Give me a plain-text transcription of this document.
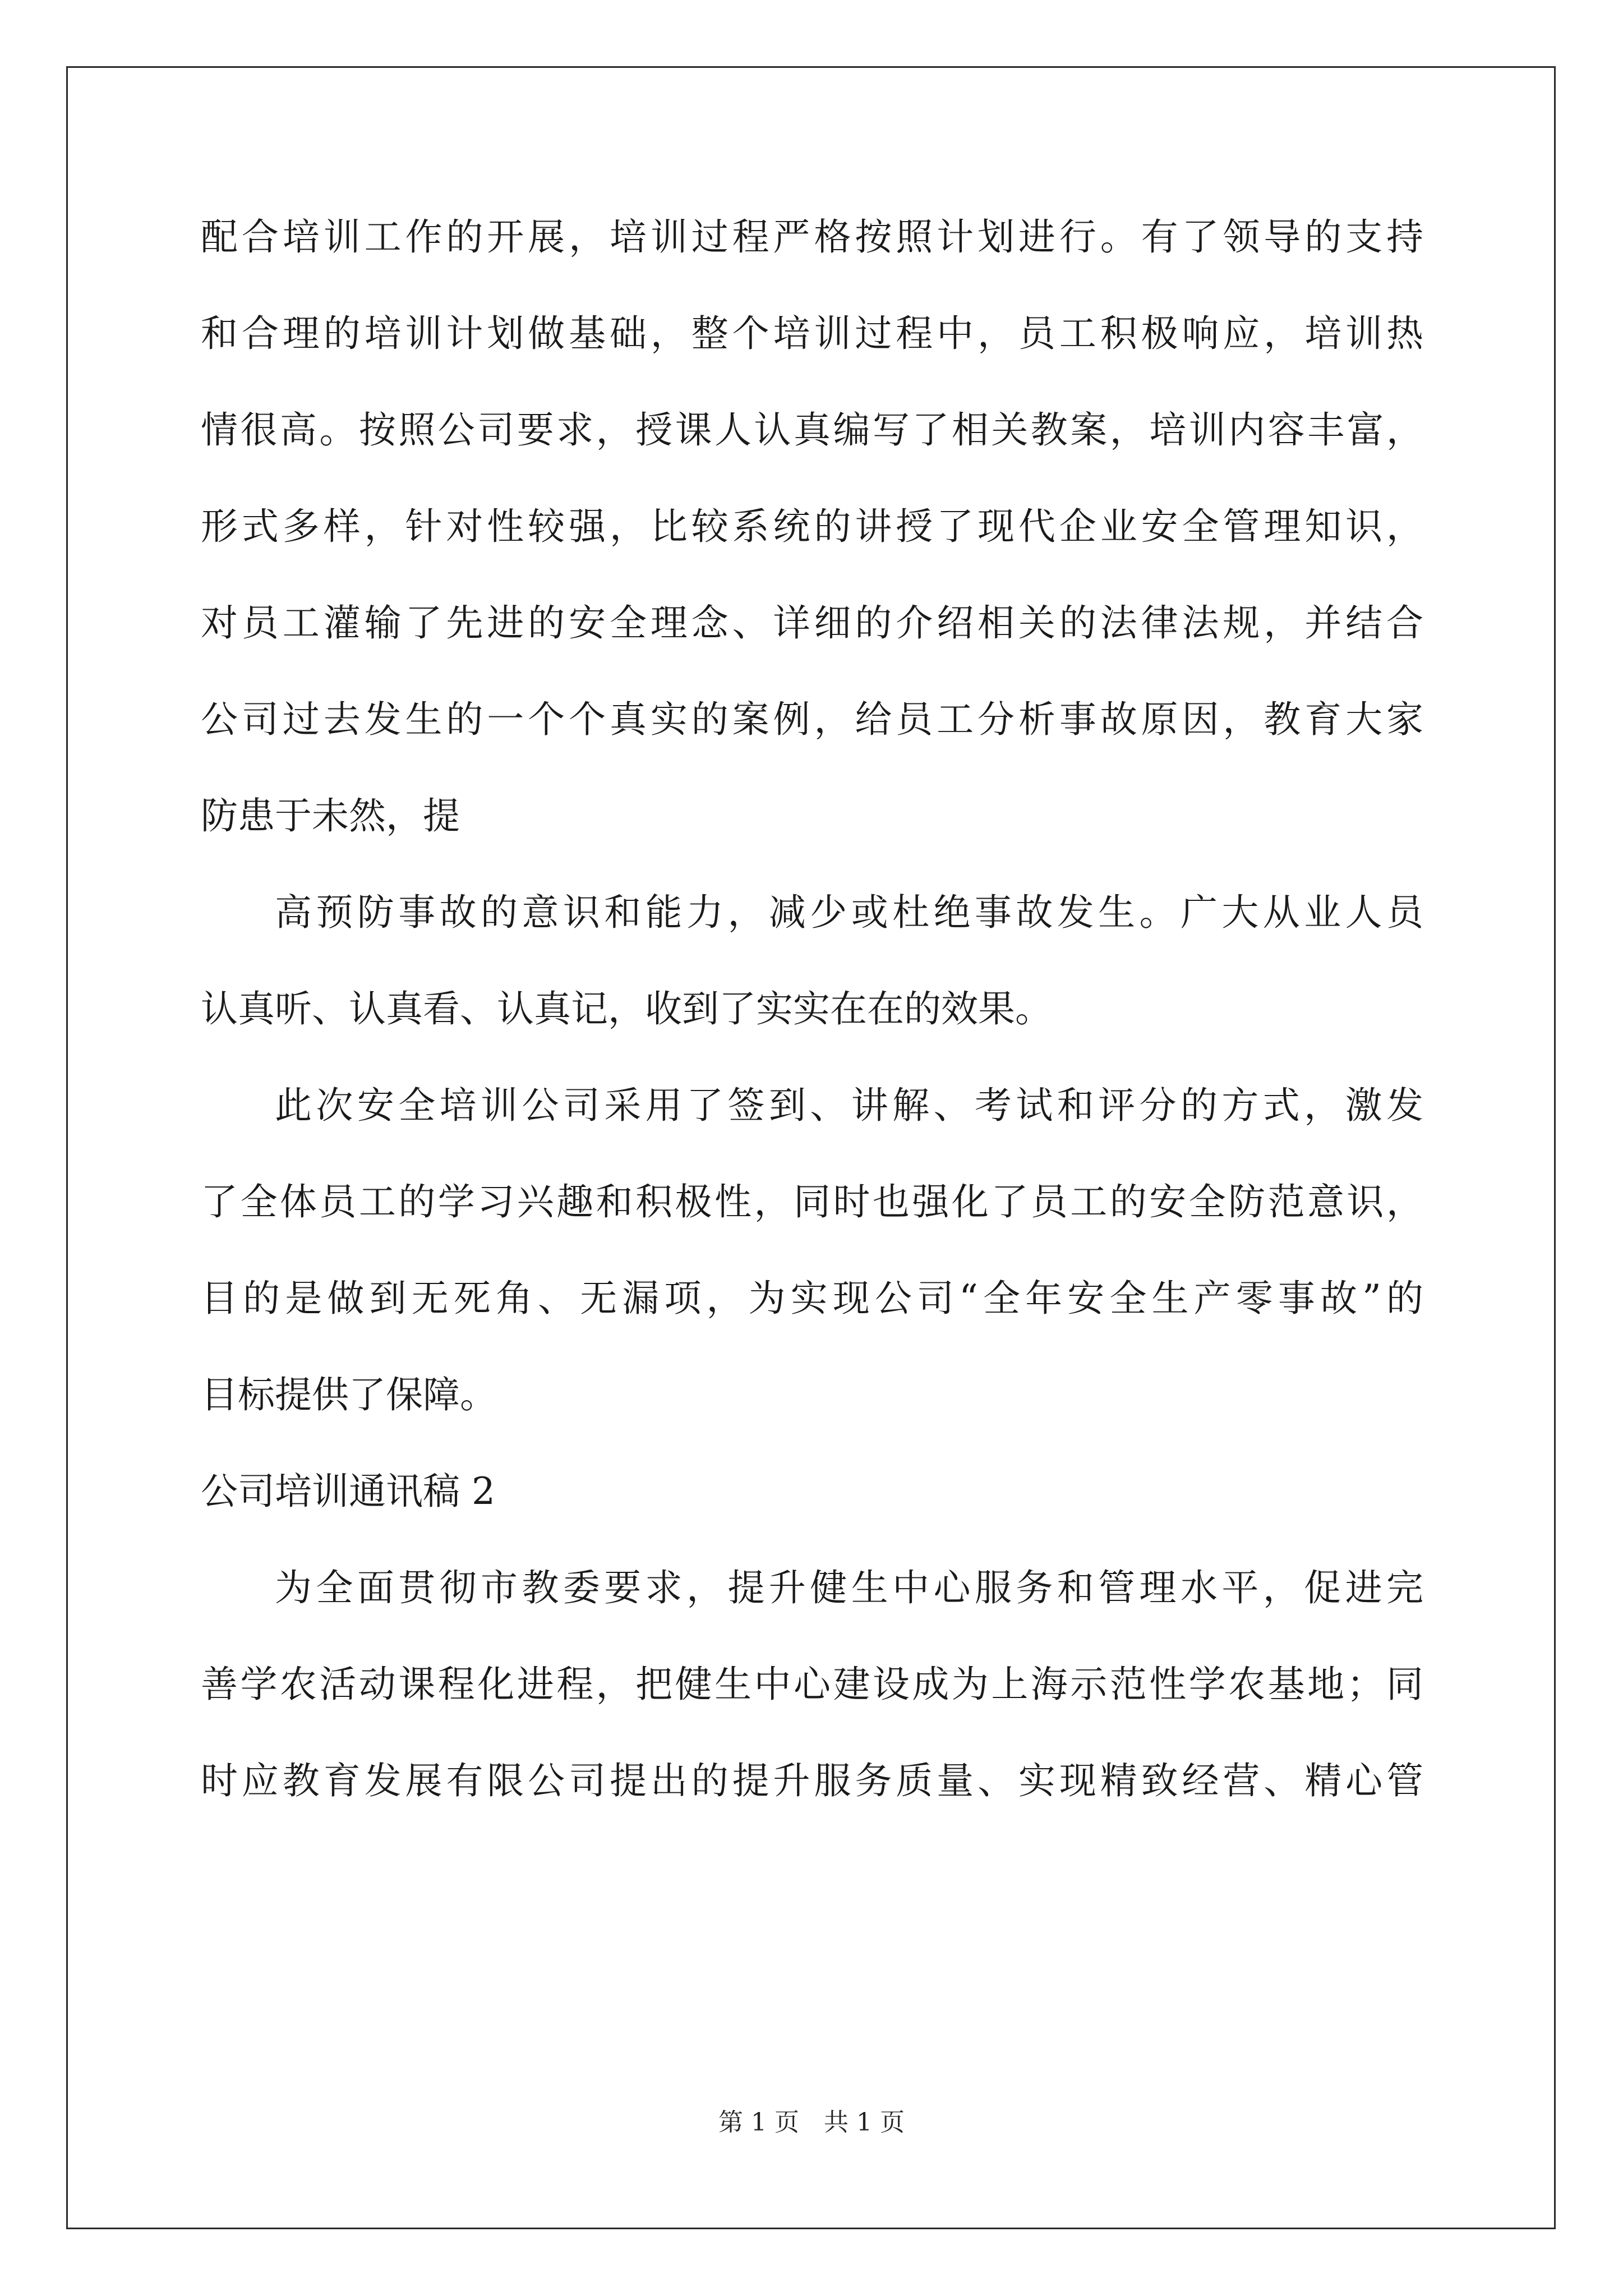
配合培训工作的开展，培训过程严格按照计划进行。有了领导的支持
和合理的培训计划做基础，整个培训过程中，员工积极响应，培训热
情很高。按照公司要求，授课人认真编写了相关教案，培训内容丰富，
形式多样，针对性较强，比较系统的讲授了现代企业安全管理知识，
对员工灌输了先进的安全理念、详细的介绍相关的法律法规，并结合
公司过去发生的一个个真实的案例，给员工分析事故原因，教育大家
防患于未然，提
高预防事故的意识和能力，减少或杜绝事故发生。广大从业人员
认真听、认真看、认真记，收到了实实在在的效果。
此次安全培训公司采用了签到、讲解、考试和评分的方式，激发
了全体员工的学习兴趣和积极性，同时也强化了员工的安全防范意识，
目的是做到无死角、无漏项，为实现公司“全年安全生产零事故”的
目标提供了保障。
公司培训通讯稿 2
为全面贯彻市教委要求，提升健生中心服务和管理水平，促进完
善学农活动课程化进程，把健生中心建设成为上海示范性学农基地；同
时应教育发展有限公司提出的提升服务质量、实现精致经营、精心管
第 1 页　共 1 页
